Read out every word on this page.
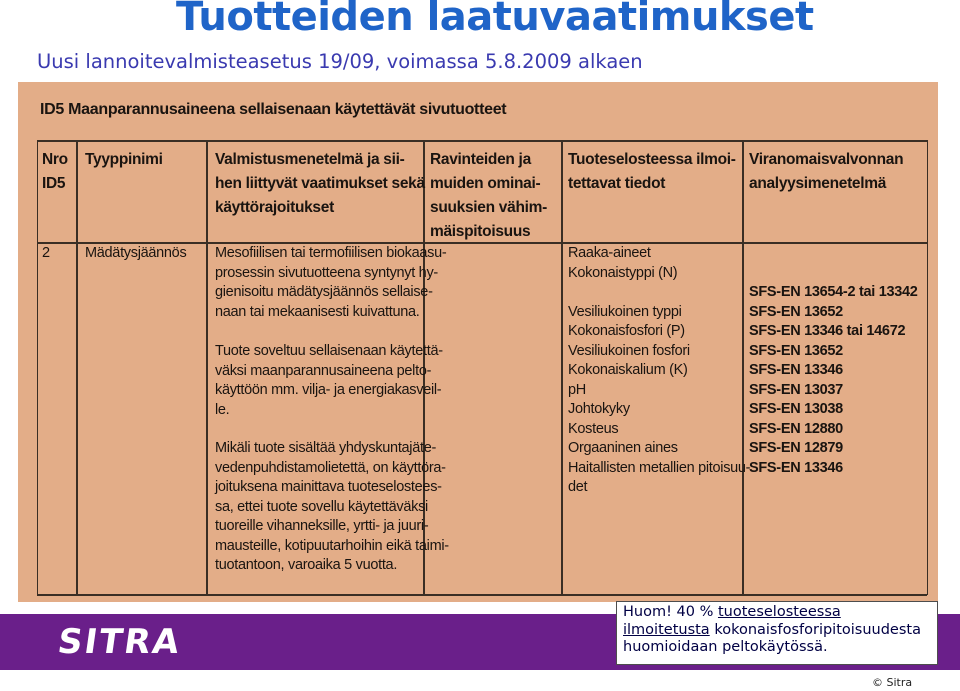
Tuotteiden laatuvaatimukset
Uusi lannoitevalmisteasetus 19/09, voimassa 5.8.2009 alkaen
ID5 Maanparannusaineena sellaisenaan käytettävät sivutuotteet
Nro
ID5
Tyyppinimi	Valmistusmenetelmä ja sii-
hen liittyvät vaatimukset sekä
käyttörajoitukset
Ravinteiden ja
muiden ominai-
suuksien vähim-
mäispitoisuus
Tuoteselosteessa ilmoi-
tettavat tiedot
Viranomaisvalvonnan
analyysimenetelmä
2 Mädätysjäännös Mesofiilisen tai termofiilisen biokaasu-
prosessin sivutuotteena syntynyt hy-
gienisoitu mädätysjäännös sellaise-
naan tai mekaanisesti kuivattuna.
Tuote soveltuu sellaisenaan käytettä-
väksi maanparannusaineena pelto-
käyttöön mm. vilja- ja energiakasveil-
le.
Mikäli tuote sisältää yhdyskuntajäte-
vedenpuhdistamolietettä, on käyttöra-
joituksena mainittava tuoteselostees-
sa, ettei tuote sovellu käytettäväksi
tuoreille vihanneksille, yrtti- ja juuri-
mausteille, kotipuutarhoihin eikä taimi-
tuotantoon, varoaika 5 vuotta.
Raaka-aineet
Kokonaistyppi (N)

Vesiliukoinen typpi
Kokonaisfosfori (P)
Vesiliukoinen fosfori
Kokonaiskalium (K)
pH
Johtokyky
Kosteus
Orgaaninen aines
Haitallisten metallien pitoisuu-
det

SFS-EN 13654-2 tai 13342
SFS-EN 13652
SFS-EN 13346 tai 14672
SFS-EN 13652
SFS-EN 13346
SFS-EN 13037
SFS-EN 13038
SFS-EN 12880
SFS-EN 12879
SFS-EN 13346
SITRA
Huom! 40 % tuoteselosteessa ilmoitetusta kokonaisfosforipitoisuudesta huomioidaan peltokäytössä.
© Sitra
